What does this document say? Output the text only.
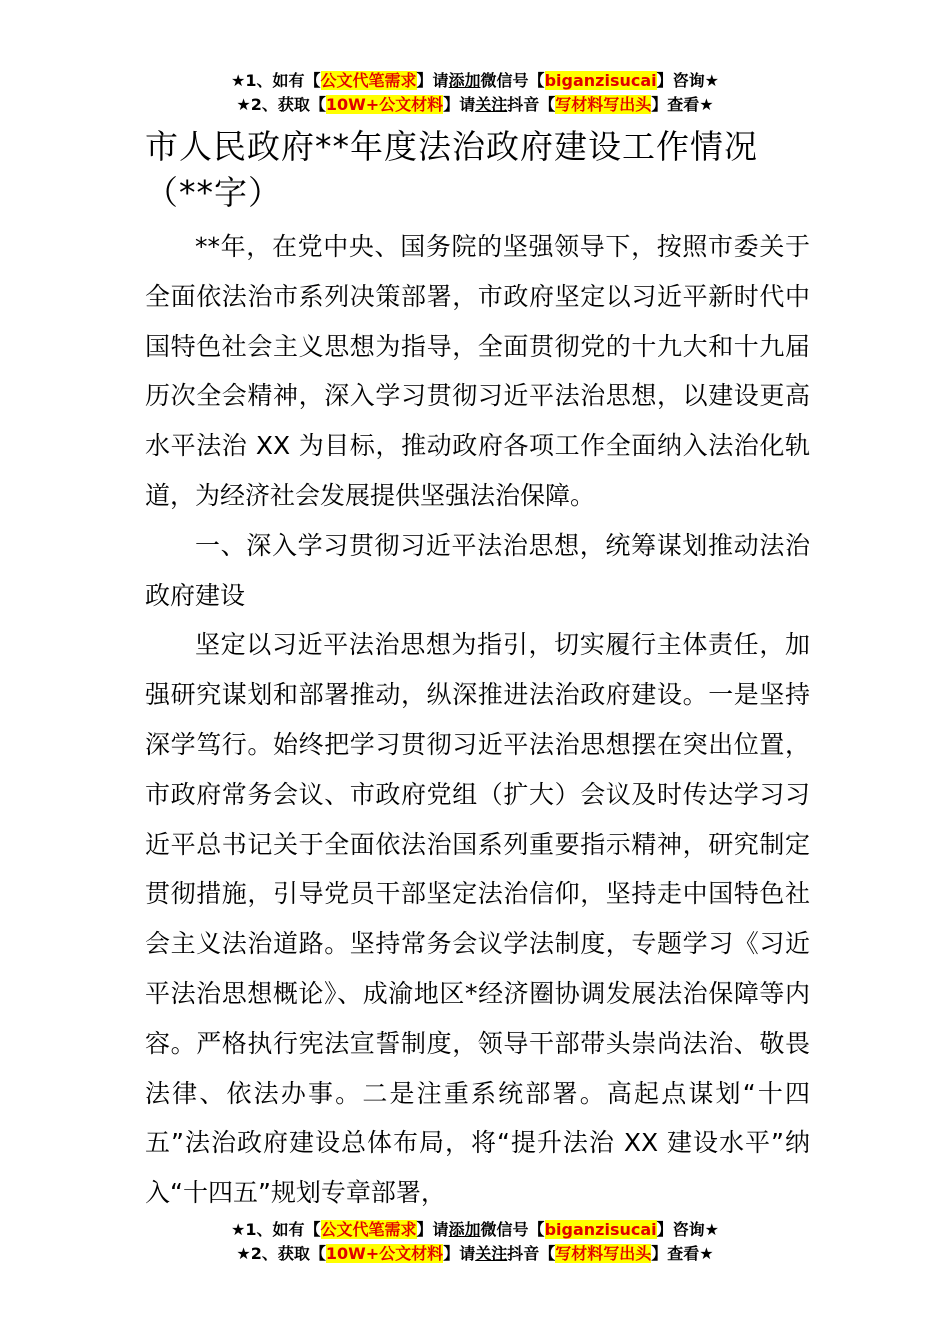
★1、如有【公文代笔需求】请添加微信号【biganzisucai】咨询★
★2、获取【10W+公文材料】请关注抖音【写材料写出头】查看★
市人民政府**年度法治政府建设工作情况
（**字）

**年，在党中央、国务院的坚强领导下，按照市委关于全面依法治市系列决策部署，市政府坚定以习近平新时代中国特色社会主义思想为指导，全面贯彻党的十九大和十九届历次全会精神，深入学习贯彻习近平法治思想，以建设更高水平法治 XX 为目标，推动政府各项工作全面纳入法治化轨道，为经济社会发展提供坚强法治保障。

一、深入学习贯彻习近平法治思想，统筹谋划推动法治政府建设

坚定以习近平法治思想为指引，切实履行主体责任，加强研究谋划和部署推动，纵深推进法治政府建设。一是坚持深学笃行。始终把学习贯彻习近平法治思想摆在突出位置，市政府常务会议、市政府党组（扩大）会议及时传达学习习近平总书记关于全面依法治国系列重要指示精神，研究制定贯彻措施，引导党员干部坚定法治信仰，坚持走中国特色社会主义法治道路。坚持常务会议学法制度，专题学习《习近平法治思想概论》、成渝地区*经济圈协调发展法治保障等内容。严格执行宪法宣誓制度，领导干部带头崇尚法治、敬畏法律、依法办事。二是注重系统部署。高起点谋划“十四五”法治政府建设总体布局，将“提升法治 XX 建设水平”纳入“十四五”规划专章部署，

★1、如有【公文代笔需求】请添加微信号【biganzisucai】咨询★
★2、获取【10W+公文材料】请关注抖音【写材料写出头】查看★
